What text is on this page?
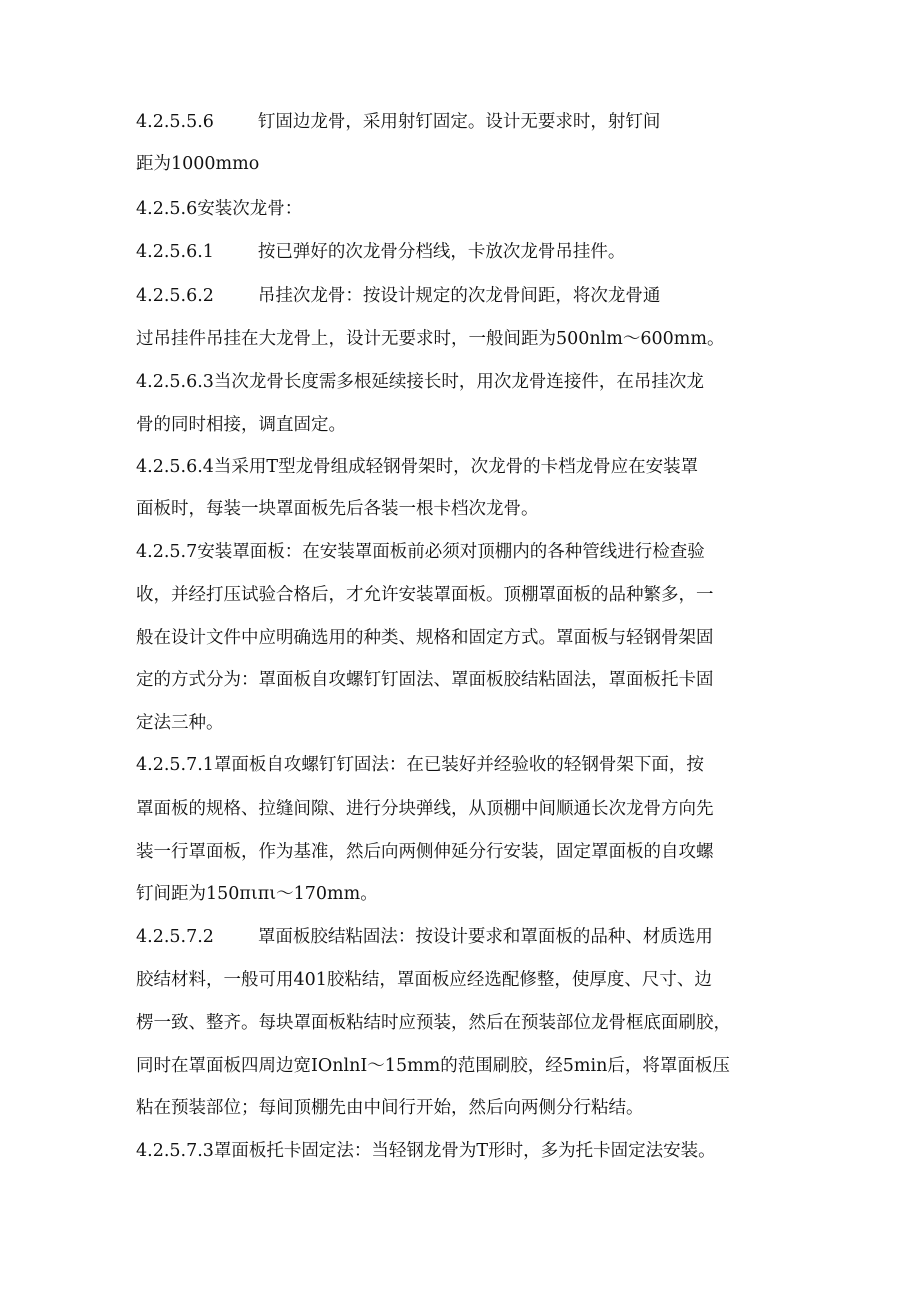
4.2.5.5.6	钉固边龙骨，采用射钉固定。设计无要求时，射钉间
距为1000mmo
4.2.5.6安装次龙骨：
4.2.5.6.1	按已弹好的次龙骨分档线，卡放次龙骨吊挂件。
4.2.5.6.2	吊挂次龙骨：按设计规定的次龙骨间距，将次龙骨通
过吊挂件吊挂在大龙骨上，设计无要求时，一般间距为500nlm～600mm。
4.2.5.6.3当次龙骨长度需多根延续接长时，用次龙骨连接件，在吊挂次龙
骨的同时相接，调直固定。
4.2.5.6.4当采用T型龙骨组成轻钢骨架时，次龙骨的卡档龙骨应在安装罩
面板时，每装一块罩面板先后各装一根卡档次龙骨。
4.2.5.7安装罩面板：在安装罩面板前必须对顶棚内的各种管线进行检查验
收，并经打压试验合格后，才允许安装罩面板。顶棚罩面板的品种繁多，一
般在设计文件中应明确选用的种类、规格和固定方式。罩面板与轻钢骨架固
定的方式分为：罩面板自攻螺钉钉固法、罩面板胶结粘固法，罩面板托卡固
定法三种。
4.2.5.7.1罩面板自攻螺钉钉固法：在已装好并经验收的轻钢骨架下面，按
罩面板的规格、拉缝间隙、进行分块弹线，从顶棚中间顺通长次龙骨方向先
装一行罩面板，作为基准，然后向两侧伸延分行安装，固定罩面板的自攻螺
钉间距为150πιπι～170mm。
4.2.5.7.2	罩面板胶结粘固法：按设计要求和罩面板的品种、材质选用
胶结材料，一般可用401胶粘结，罩面板应经选配修整，使厚度、尺寸、边
楞一致、整齐。每块罩面板粘结时应预装，然后在预装部位龙骨框底面刷胶，
同时在罩面板四周边宽IOnlnI～15mm的范围刷胶，经5min后，将罩面板压
粘在预装部位；每间顶棚先由中间行开始，然后向两侧分行粘结。
4.2.5.7.3罩面板托卡固定法：当轻钢龙骨为T形时，多为托卡固定法安装。
